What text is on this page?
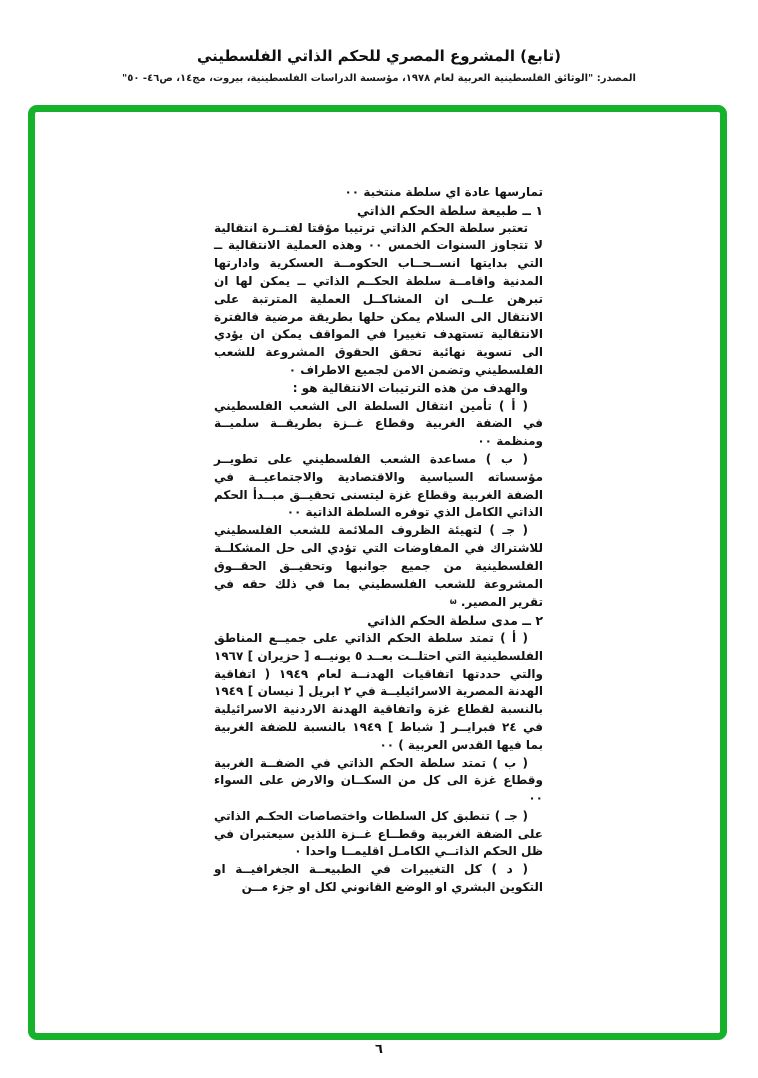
(تابع) المشروع المصري للحكم الذاتي الفلسطيني
المصدر: "الوثائق الفلسطينية العربية لعام ١٩٧٨، مؤسسة الدراسات الفلسطينية، بيروت، مج١٤، ص٤٦- ٥٠"
تمارسها عادة اي سلطة منتخبة ٠٠
١ ــ طبيعة سلطة الحكم الذاتي
تعتبر سلطة الحكم الذاتي ترتيبا مؤقتا لفتــرة انتقالية لا تتجاوز السنوات الخمس ٠٠ وهذه العملية الانتقالية ــ التي بدايتها انســحــاب الحكومــة العسكرية وادارتها المدنية واقامــة سلطة الحكــم الذاتي ــ يمكن لها ان تبرهن علــى ان المشاكــل العملية المترتبة على الانتقال الى السلام يمكن حلها بطريقة مرضية فالفترة الانتقالية تستهدف تغييرا في المواقف يمكن ان يؤدي الى تسوية نهائية تحقق الحقوق المشروعة للشعب الفلسطيني وتضمن الامن لجميع الاطراف ٠
والهدف من هذه الترتيبات الانتقالية هو :
( أ ) تأمين انتقال السلطة الى الشعب الفلسطيني في الضفة الغربية وقطاع غــزة بطريقــة سلميــة ومنظمة ٠٠
( ب ) مساعدة الشعب الفلسطيني على تطويــر مؤسساته السياسية والاقتصادية والاجتماعيــة في الضفة الغربية وقطاع غزة ليتسنى تحقيــق مبــدأ الحكم الذاتي الكامل الذي توفره السلطة الذاتية ٠٠
( جـ ) لتهيئة الظروف الملائمة للشعب الفلسطيني للاشتراك في المفاوضات التي تؤدي الى حل المشكلــة الفلسطينية من جميع جوانبها وتحقيــق الحقــوق المشروعة للشعب الفلسطيني بما في ذلك حقه في تقرير المصير. ω
٢ ــ مدى سلطة الحكم الذاتي
( أ ) تمتد سلطة الحكم الذاتي على جميــع المناطق الفلسطينية التي احتلــت بعــد ٥ يونيــه [ حزيران ] ١٩٦٧ والتي حددتها اتفاقيات الهدنــة لعام ١٩٤٩ ( اتفاقية الهدنة المصرية الاسرائيليــة في ٢ ابريل [ نيسان ] ١٩٤٩ بالنسبة لقطاع غزة واتفاقية الهدنة الاردنية الاسرائيلية في ٢٤ فبرايــر [ شباط ] ١٩٤٩ بالنسبة للضفة الغربية بما فيها القدس العربية ) ٠٠
( ب ) تمتد سلطة الحكم الذاتي في الضفــة الغربية وقطاع غزة الى كل من السكــان والارض على السواء ٠٠
( جـ ) تنطبق كل السلطات واختصاصات الحكـم الذاتي على الضفة الغربية وقطــاع غــزة اللذين سيعتبران في ظل الحكم الذاتــي الكامـل اقليمــا واحدا ٠
( د ) كل التغييرات في الطبيعــة الجغرافيــة او التكوين البشري او الوضع القانوني لكل او جزء مــن
٦
